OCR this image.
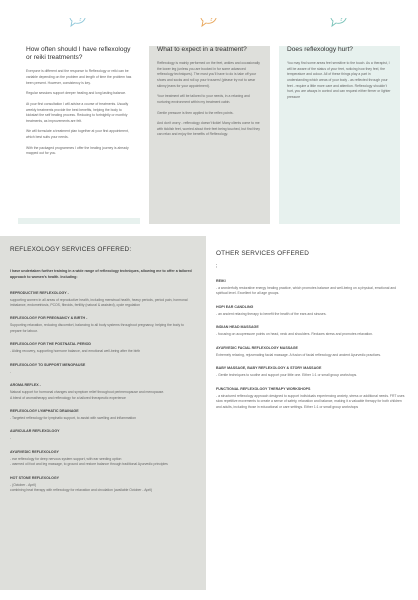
?
How often should I have reflexology or reiki treatments?

Everyone is different and the response to Reflexology or reiki can be variable depending on the problem and length of time the problem has been present. However, consistency is key.

Regular sessions support deeper healing and long lasting balance.

At your first consultation I will advise a course of treatments. Usually weekly treatments provide the best benefits, helping the body to kickstart the self healing process. Reducing to fortnightly or monthly treatments, as improvements are felt.

We will formulate a treatment plan together at your first appointment, which best suits your needs.

With the packaged programmes I offer the healing journey is already mapped out for you.

?
What to expect in a treatment?

Reflexology is mainly performed on the feet, ankles and occasionally the lower leg (unless you are booked in for some advanced reflexology techniques). The most you'll have to do is take off your shoes and socks and roll up your trousers! (please try not to wear skinny jeans for your appointment).

Your treatment will be tailored to your needs, in a relaxing and nurturing environment within my treatment cabin.

Gentle pressure is then applied to the reflex points.

And don't worry - reflexology doesn't tickle! Many clients come to me with ticklish feet, worried about their feet being touched, but find they can relax and enjoy the benefits of Reflexology.

?
Does reflexology hurt?

You may find some areas feel sensitive to the touch. As a therapist, I will be aware of the status of your feet, noticing how they feel, the temperature and colour. All of these things play a part in understanding which areas of your body - as reflected through your feet - require a little more care and attention. Reflexology shouldn't hurt, you are always in control and can request either firmer or lighter pressure

REFLEXOLOGY SERVICES OFFERED:
I have undertaken further training in a wide range of reflexology techniques, allowing me to offer a tailored approach to women's health. Including:
REPRODUCTIVE REFLEXOLOGY -
supporting women in all areas of reproductive health, including menstrual health, heavy periods, period pain, hormonal imbalance, endometriosis, PCOS, fibroids, fertility (natural & assisted), cycle regulation
REFLEXOLOGY FOR PREGNANCY & BIRTH -
Supporting relaxation, reducing discomfort, balancing to all body systems throughout pregnancy, helping the body to prepare for labour.
REFLEXOLOGY FOR THE POSTNATAL PERIOD
- Aiding recovery, supporting hormone balance, and emotional well-being after the birth
REFLEXOLOGY TO SUPPORT MENOPAUSE
-
AROMA REFLEX -
Natural support for hormonal changes and symptom relief throughout perimenopause and menopause.
A blend of aromatherapy and reflexology for a tailored therapeutic experience
REFLEXOLOGY LYMPHATIC DRAINAGE
- Targeted reflexology for lymphatic support, to assist with swelling and inflammation
AURICULAR REFLEXOLOGY
-
AYURVEDIC REFLEXOLOGY
- ear reflexology for deep nervous system support, with ear seeding option
- warmed oil foot and leg massage, to ground and restore balance through traditional Ayurvedic principles
HOT STONE REFLEXOLOGY
- (October - April)
combining heat therapy with reflexology for relaxation and circulation (available October - April)
OTHER SERVICES OFFERED
;
REIKI
- a wonderfully restorative energy healing practice, which promotes balance and well-being on a physical, emotional and spiritual level. Excellent for all age groups.
HOPI EAR CANDLING
- an ancient relaxing therapy to benefit the health of the ears and sinuses.
INDIAN HEAD MASSAGE
- focusing on acupressure points on head, neck and shoulders. Reduces stress and promotes relaxation.
AYURVEDIC FACIAL REFLEXOLOGY MASSAGE
Extremely relaxing, rejuvenating facial massage. A fusion of facial reflexology and ancient Ayurvedic practices.
BABY MASSAGE, BABY REFLEXOLOGY & STORY MASSAGE
- Gentle techniques to soothe and support your little one. Either 1:1 or small group workshops.
FUNCTIONAL REFLEXOLOGY THERAPY WORKSHOPS
- a structured reflexology approach designed to support individuals experiencing anxiety, stress or additional needs. FRT uses slow repetitive movements to create a sense of safety, relaxation and balance, making it a valuable therapy for both children and adults, including those in educational or care settings. Either 1:1 or small group workshops
